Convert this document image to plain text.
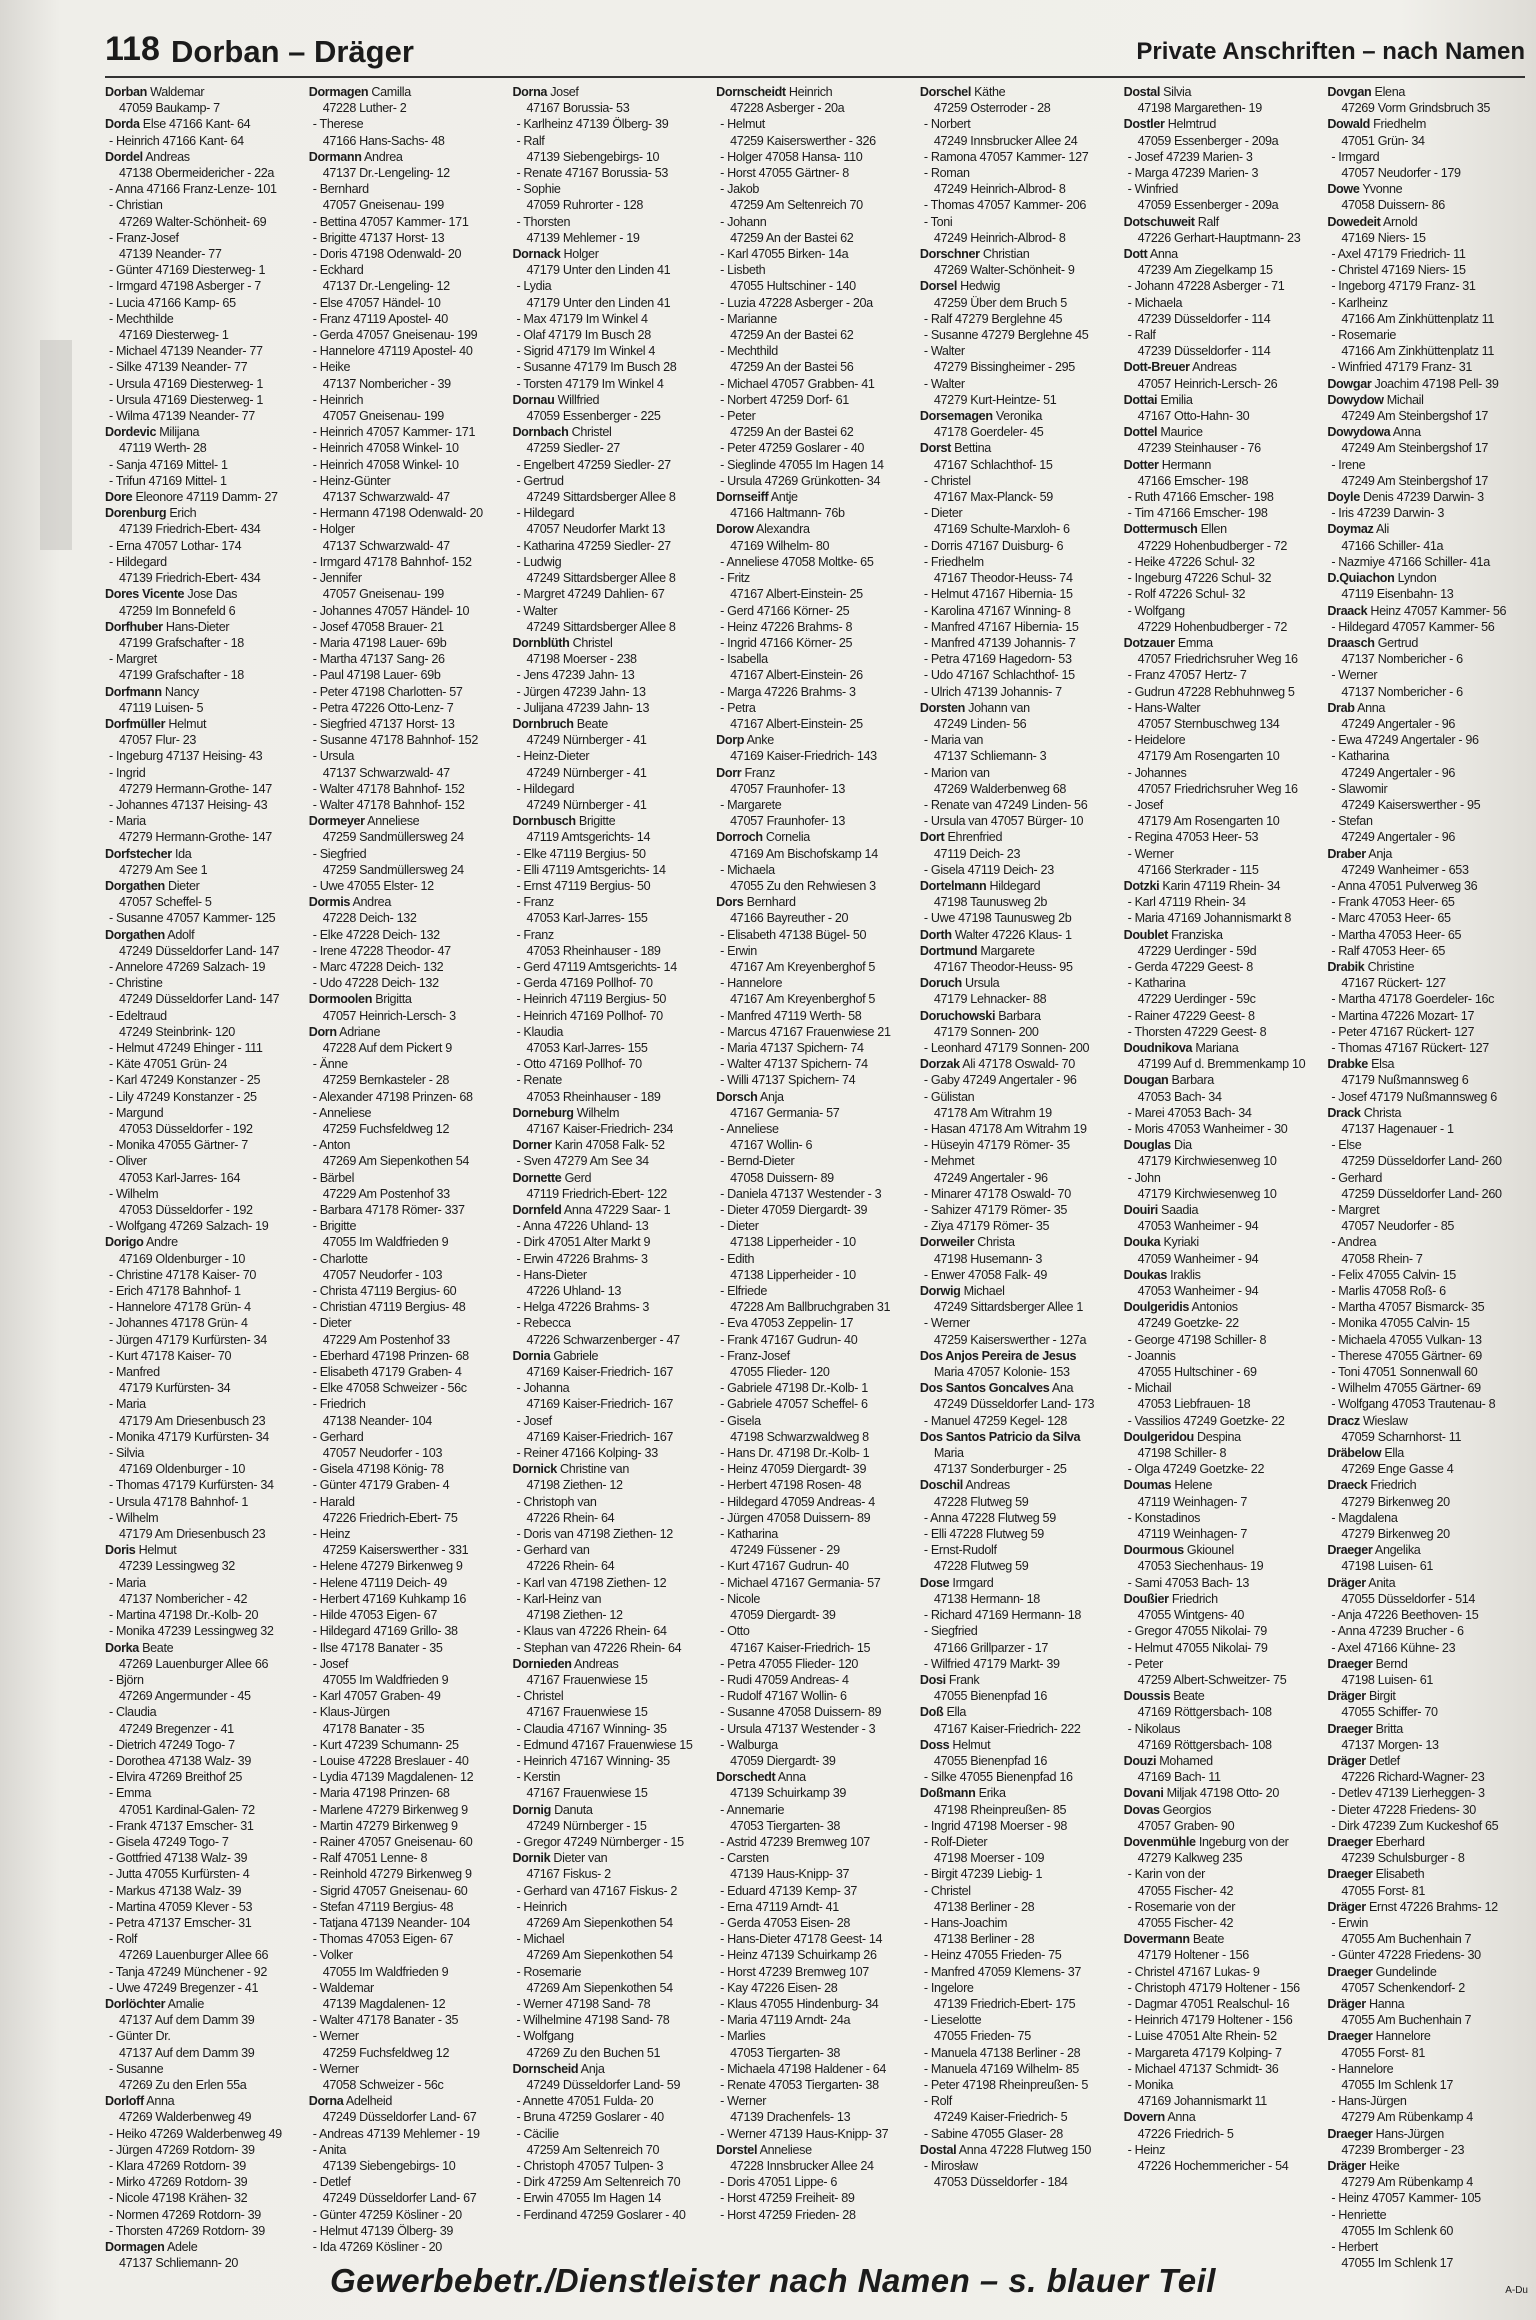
118 Dorban – Dräger	Private Anschriften – nach Namen
Dorban Waldemar
47059 Baukamp- 7
Dorda Else 47166 Kant- 64
- Heinrich 47166 Kant- 64
Dordel Andreas
47138 Obermeidericher - 22a
- Anna 47166 Franz-Lenze- 101
- Christian
47269 Walter-Schönheit- 69
- Franz-Josef
47139 Neander- 77
- Günter 47169 Diesterweg- 1
- Irmgard 47198 Asberger - 7
- Lucia 47166 Kamp- 65
- Mechthilde
47169 Diesterweg- 1
- Michael 47139 Neander- 77
- Silke 47139 Neander- 77
- Ursula 47169 Diesterweg- 1
- Ursula 47169 Diesterweg- 1
- Wilma 47139 Neander- 77
Dordevic Milijana
47119 Werth- 28
- Sanja 47169 Mittel- 1
- Trifun 47169 Mittel- 1
Dore Eleonore 47119 Damm- 27
Dorenburg Erich
47139 Friedrich-Ebert- 434
- Erna 47057 Lothar- 174
- Hildegard
47139 Friedrich-Ebert- 434
Dores Vicente Jose Das
47259 Im Bonnefeld 6
Dorfhuber Hans-Dieter
47199 Grafschafter - 18
- Margret
47199 Grafschafter - 18
Dorfmann Nancy
47119 Luisen- 5
Dorfmüller Helmut
47057 Flur- 23
- Ingeburg 47137 Heising- 43
- Ingrid
47279 Hermann-Grothe- 147
- Johannes 47137 Heising- 43
- Maria
47279 Hermann-Grothe- 147
Dorfstecher Ida
47279 Am See 1
Dorgathen Dieter
47057 Scheffel- 5
- Susanne 47057 Kammer- 125
Dorgathen Adolf
47249 Düsseldorfer Land- 147
- Annelore 47269 Salzach- 19
- Christine
47249 Düsseldorfer Land- 147
- Edeltraud
47249 Steinbrink- 120
- Helmut 47249 Ehinger - 111
- Käte 47051 Grün- 24
- Karl 47249 Konstanzer - 25
- Lily 47249 Konstanzer - 25
- Margund
47053 Düsseldorfer - 192
- Monika 47055 Gärtner- 7
- Oliver
47053 Karl-Jarres- 164
- Wilhelm
47053 Düsseldorfer - 192
- Wolfgang 47269 Salzach- 19
Dorigo Andre
47169 Oldenburger - 10
- Christine 47178 Kaiser- 70
- Erich 47178 Bahnhof- 1
- Hannelore 47178 Grün- 4
- Johannes 47178 Grün- 4
- Jürgen 47179 Kurfürsten- 34
- Kurt 47178 Kaiser- 70
- Manfred
47179 Kurfürsten- 34
- Maria
47179 Am Driesenbusch 23
- Monika 47179 Kurfürsten- 34
- Silvia
47169 Oldenburger - 10
- Thomas 47179 Kurfürsten- 34
- Ursula 47178 Bahnhof- 1
- Wilhelm
47179 Am Driesenbusch 23
Doris Helmut
47239 Lessingweg 32
- Maria
47137 Nombericher - 42
- Martina 47198 Dr.-Kolb- 20
- Monika 47239 Lessingweg 32
Dorka Beate
47269 Lauenburger Allee 66
- Björn
47269 Angermunder - 45
- Claudia
47249 Bregenzer - 41
- Dietrich 47249 Togo- 7
- Dorothea 47138 Walz- 39
- Elvira 47269 Breithof 25
- Emma
47051 Kardinal-Galen- 72
- Frank 47137 Emscher- 31
- Gisela 47249 Togo- 7
- Gottfried 47138 Walz- 39
- Jutta 47055 Kurfürsten- 4
- Markus 47138 Walz- 39
- Martina 47059 Klever - 53
- Petra 47137 Emscher- 31
- Rolf
47269 Lauenburger Allee 66
- Tanja 47249 Münchener - 92
- Uwe 47249 Bregenzer - 41
Dorlöchter Amalie
47137 Auf dem Damm 39
- Günter Dr.
47137 Auf dem Damm 39
- Susanne
47269 Zu den Erlen 55a
Dorloff Anna
47269 Walderbenweg 49
- Heiko 47269 Walderbenweg 49
- Jürgen 47269 Rotdorn- 39
- Klara 47269 Rotdorn- 39
- Mirko 47269 Rotdorn- 39
- Nicole 47198 Krähen- 32
- Normen 47269 Rotdorn- 39
- Thorsten 47269 Rotdorn- 39
Dormagen Adele
47137 Schliemann- 20
Dormagen Camilla
47228 Luther- 2
- Therese
47166 Hans-Sachs- 48
Dormann Andrea
47137 Dr.-Lengeling- 12
- Bernhard
47057 Gneisenau- 199
- Bettina 47057 Kammer- 171
- Brigitte 47137 Horst- 13
- Doris 47198 Odenwald- 20
- Eckhard
47137 Dr.-Lengeling- 12
- Else 47057 Händel- 10
- Franz 47119 Apostel- 40
- Gerda 47057 Gneisenau- 199
- Hannelore 47119 Apostel- 40
- Heike
47137 Nombericher - 39
- Heinrich
47057 Gneisenau- 199
- Heinrich 47057 Kammer- 171
- Heinrich 47058 Winkel- 10
- Heinrich 47058 Winkel- 10
- Heinz-Günter
47137 Schwarzwald- 47
- Hermann 47198 Odenwald- 20
- Holger
47137 Schwarzwald- 47
- Irmgard 47178 Bahnhof- 152
- Jennifer
47057 Gneisenau- 199
- Johannes 47057 Händel- 10
- Josef 47058 Brauer- 21
- Maria 47198 Lauer- 69b
- Martha 47137 Sang- 26
- Paul 47198 Lauer- 69b
- Peter 47198 Charlotten- 57
- Petra 47226 Otto-Lenz- 7
- Siegfried 47137 Horst- 13
- Susanne 47178 Bahnhof- 152
- Ursula
47137 Schwarzwald- 47
- Walter 47178 Bahnhof- 152
- Walter 47178 Bahnhof- 152
Dormeyer Anneliese
47259 Sandmüllersweg 24
- Siegfried
47259 Sandmüllersweg 24
- Uwe 47055 Elster- 12
Dormis Andrea
47228 Deich- 132
- Elke 47228 Deich- 132
- Irene 47228 Theodor- 47
- Marc 47228 Deich- 132
- Udo 47228 Deich- 132
Dormoolen Brigitta
47057 Heinrich-Lersch- 3
Dorn Adriane
47228 Auf dem Pickert 9
- Änne
47259 Bernkasteler - 28
- Alexander 47198 Prinzen- 68
- Anneliese
47259 Fuchsfeldweg 12
- Anton
47269 Am Siepenkothen 54
- Bärbel
47229 Am Postenhof 33
- Barbara 47178 Römer- 337
- Brigitte
47055 Im Waldfrieden 9
- Charlotte
47057 Neudorfer - 103
- Christa 47119 Bergius- 60
- Christian 47119 Bergius- 48
- Dieter
47229 Am Postenhof 33
- Eberhard 47198 Prinzen- 68
- Elisabeth 47179 Graben- 4
- Elke 47058 Schweizer - 56c
- Friedrich
47138 Neander- 104
- Gerhard
47057 Neudorfer - 103
- Gisela 47198 König- 78
- Günter 47179 Graben- 4
- Harald
47226 Friedrich-Ebert- 75
- Heinz
47259 Kaiserswerther - 331
- Helene 47279 Birkenweg 9
- Helene 47119 Deich- 49
- Herbert 47169 Kuhkamp 16
- Hilde 47053 Eigen- 67
- Hildegard 47169 Grillo- 38
- Ilse 47178 Banater - 35
- Josef
47055 Im Waldfrieden 9
- Karl 47057 Graben- 49
- Klaus-Jürgen
47178 Banater - 35
- Kurt 47239 Schumann- 25
- Louise 47228 Breslauer - 40
- Lydia 47139 Magdalenen- 12
- Maria 47198 Prinzen- 68
- Marlene 47279 Birkenweg 9
- Martin 47279 Birkenweg 9
- Rainer 47057 Gneisenau- 60
- Ralf 47051 Lenne- 8
- Reinhold 47279 Birkenweg 9
- Sigrid 47057 Gneisenau- 60
- Stefan 47119 Bergius- 48
- Tatjana 47139 Neander- 104
- Thomas 47053 Eigen- 67
- Volker
47055 Im Waldfrieden 9
- Waldemar
47139 Magdalenen- 12
- Walter 47178 Banater - 35
- Werner
47259 Fuchsfeldweg 12
- Werner
47058 Schweizer - 56c
Dorna Adelheid
47249 Düsseldorfer Land- 67
- Andreas 47139 Mehlemer - 19
- Anita
47139 Siebengebirgs- 10
- Detlef
47249 Düsseldorfer Land- 67
- Günter 47259 Kösliner - 20
- Helmut 47139 Ölberg- 39
- Ida 47269 Kösliner - 20
Dorna Josef
47167 Borussia- 53
- Karlheinz 47139 Ölberg- 39
- Ralf
47139 Siebengebirgs- 10
- Renate 47167 Borussia- 53
- Sophie
47059 Ruhrorter - 128
- Thorsten
47139 Mehlemer - 19
Dornack Holger
47179 Unter den Linden 41
- Lydia
47179 Unter den Linden 41
- Max 47179 Im Winkel 4
- Olaf 47179 Im Busch 28
- Sigrid 47179 Im Winkel 4
- Susanne 47179 Im Busch 28
- Torsten 47179 Im Winkel 4
Dornau Willfried
47059 Essenberger - 225
Dornbach Christel
47259 Siedler- 27
- Engelbert 47259 Siedler- 27
- Gertrud
47249 Sittardsberger Allee 8
- Hildegard
47057 Neudorfer Markt 13
- Katharina 47259 Siedler- 27
- Ludwig
47249 Sittardsberger Allee 8
- Margret 47249 Dahlien- 67
- Walter
47249 Sittardsberger Allee 8
Dornblüth Christel
47198 Moerser - 238
- Jens 47239 Jahn- 13
- Jürgen 47239 Jahn- 13
- Julijana 47239 Jahn- 13
Dornbruch Beate
47249 Nürnberger - 41
- Heinz-Dieter
47249 Nürnberger - 41
- Hildegard
47249 Nürnberger - 41
Dornbusch Brigitte
47119 Amtsgerichts- 14
- Elke 47119 Bergius- 50
- Elli 47119 Amtsgerichts- 14
- Ernst 47119 Bergius- 50
- Franz
47053 Karl-Jarres- 155
- Franz
47053 Rheinhauser - 189
- Gerd 47119 Amtsgerichts- 14
- Gerda 47169 Pollhof- 70
- Heinrich 47119 Bergius- 50
- Heinrich 47169 Pollhof- 70
- Klaudia
47053 Karl-Jarres- 155
- Otto 47169 Pollhof- 70
- Renate
47053 Rheinhauser - 189
Dorneburg Wilhelm
47167 Kaiser-Friedrich- 234
Dorner Karin 47058 Falk- 52
- Sven 47279 Am See 34
Dornette Gerd
47119 Friedrich-Ebert- 122
Dornfeld Anna 47229 Saar- 1
- Anna 47226 Uhland- 13
- Dirk 47051 Alter Markt 9
- Erwin 47226 Brahms- 3
- Hans-Dieter
47226 Uhland- 13
- Helga 47226 Brahms- 3
- Rebecca
47226 Schwarzenberger - 47
Dornia Gabriele
47169 Kaiser-Friedrich- 167
- Johanna
47169 Kaiser-Friedrich- 167
- Josef
47169 Kaiser-Friedrich- 167
- Reiner 47166 Kolping- 33
Dornick Christine van
47198 Ziethen- 12
- Christoph van
47226 Rhein- 64
- Doris van 47198 Ziethen- 12
- Gerhard van
47226 Rhein- 64
- Karl van 47198 Ziethen- 12
- Karl-Heinz van
47198 Ziethen- 12
- Klaus van 47226 Rhein- 64
- Stephan van 47226 Rhein- 64
Dornieden Andreas
47167 Frauenwiese 15
- Christel
47167 Frauenwiese 15
- Claudia 47167 Winning- 35
- Edmund 47167 Frauenwiese 15
- Heinrich 47167 Winning- 35
- Kerstin
47167 Frauenwiese 15
Dornig Danuta
47249 Nürnberger - 15
- Gregor 47249 Nürnberger - 15
Dornik Dieter van
47167 Fiskus- 2
- Gerhard van 47167 Fiskus- 2
- Heinrich
47269 Am Siepenkothen 54
- Michael
47269 Am Siepenkothen 54
- Rosemarie
47269 Am Siepenkothen 54
- Werner 47198 Sand- 78
- Wilhelmine 47198 Sand- 78
- Wolfgang
47269 Zu den Buchen 51
Dornscheid Anja
47249 Düsseldorfer Land- 59
- Annette 47051 Fulda- 20
- Bruna 47259 Goslarer - 40
- Cäcilie
47259 Am Seltenreich 70
- Christoph 47057 Tulpen- 3
- Dirk 47259 Am Seltenreich 70
- Erwin 47055 Im Hagen 14
- Ferdinand 47259 Goslarer - 40
Dornscheidt Heinrich
47228 Asberger - 20a
- Helmut
47259 Kaiserswerther - 326
- Holger 47058 Hansa- 110
- Horst 47055 Gärtner- 8
- Jakob
47259 Am Seltenreich 70
- Johann
47259 An der Bastei 62
- Karl 47055 Birken- 14a
- Lisbeth
47055 Hultschiner - 140
- Luzia 47228 Asberger - 20a
- Marianne
47259 An der Bastei 62
- Mechthild
47259 An der Bastei 56
- Michael 47057 Grabben- 41
- Norbert 47259 Dorf- 61
- Peter
47259 An der Bastei 62
- Peter 47259 Goslarer - 40
- Sieglinde 47055 Im Hagen 14
- Ursula 47269 Grünkotten- 34
Dornseiff Antje
47166 Haltmann- 76b
Dorow Alexandra
47169 Wilhelm- 80
- Anneliese 47058 Moltke- 65
- Fritz
47167 Albert-Einstein- 25
- Gerd 47166 Körner- 25
- Heinz 47226 Brahms- 8
- Ingrid 47166 Körner- 25
- Isabella
47167 Albert-Einstein- 26
- Marga 47226 Brahms- 3
- Petra
47167 Albert-Einstein- 25
Dorp Anke
47169 Kaiser-Friedrich- 143
Dorr Franz
47057 Fraunhofer- 13
- Margarete
47057 Fraunhofer- 13
Dorroch Cornelia
47169 Am Bischofskamp 14
- Michaela
47055 Zu den Rehwiesen 3
Dors Bernhard
47166 Bayreuther - 20
- Elisabeth 47138 Bügel- 50
- Erwin
47167 Am Kreyenberghof 5
- Hannelore
47167 Am Kreyenberghof 5
- Manfred 47119 Werth- 58
- Marcus 47167 Frauenwiese 21
- Maria 47137 Spichern- 74
- Walter 47137 Spichern- 74
- Willi 47137 Spichern- 74
Dorsch Anja
47167 Germania- 57
- Anneliese
47167 Wollin- 6
- Bernd-Dieter
47058 Duissern- 89
- Daniela 47137 Westender - 3
- Dieter 47059 Diergardt- 39
- Dieter
47138 Lipperheider - 10
- Edith
47138 Lipperheider - 10
- Elfriede
47228 Am Ballbruchgraben 31
- Eva 47053 Zeppelin- 17
- Frank 47167 Gudrun- 40
- Franz-Josef
47055 Flieder- 120
- Gabriele 47198 Dr.-Kolb- 1
- Gabriele 47057 Scheffel- 6
- Gisela
47198 Schwarzwaldweg 8
- Hans Dr. 47198 Dr.-Kolb- 1
- Heinz 47059 Diergardt- 39
- Herbert 47198 Rosen- 48
- Hildegard 47059 Andreas- 4
- Jürgen 47058 Duissern- 89
- Katharina
47249 Füssener - 29
- Kurt 47167 Gudrun- 40
- Michael 47167 Germania- 57
- Nicole
47059 Diergardt- 39
- Otto
47167 Kaiser-Friedrich- 15
- Petra 47055 Flieder- 120
- Rudi 47059 Andreas- 4
- Rudolf 47167 Wollin- 6
- Susanne 47058 Duissern- 89
- Ursula 47137 Westender - 3
- Walburga
47059 Diergardt- 39
Dorschedt Anna
47139 Schuirkamp 39
- Annemarie
47053 Tiergarten- 38
- Astrid 47239 Bremweg 107
- Carsten
47139 Haus-Knipp- 37
- Eduard 47139 Kemp- 37
- Erna 47119 Arndt- 41
- Gerda 47053 Eisen- 28
- Hans-Dieter 47178 Geest- 14
- Heinz 47139 Schuirkamp 26
- Horst 47239 Bremweg 107
- Kay 47226 Eisen- 28
- Klaus 47055 Hindenburg- 34
- Maria 47119 Arndt- 24a
- Marlies
47053 Tiergarten- 38
- Michaela 47198 Haldener - 64
- Renate 47053 Tiergarten- 38
- Werner
47139 Drachenfels- 13
- Werner 47139 Haus-Knipp- 37
Dorstel Anneliese
47228 Innsbrucker Allee 24
- Doris 47051 Lippe- 6
- Horst 47259 Freiheit- 89
- Horst 47259 Frieden- 28
Dorschel Käthe
47259 Osterroder - 28
- Norbert
47249 Innsbrucker Allee 24
- Ramona 47057 Kammer- 127
- Roman
47249 Heinrich-Albrod- 8
- Thomas 47057 Kammer- 206
- Toni
47249 Heinrich-Albrod- 8
Dorschner Christian
47269 Walter-Schönheit- 9
Dorsel Hedwig
47259 Über dem Bruch 5
- Ralf 47279 Berglehne 45
- Susanne 47279 Berglehne 45
- Walter
47279 Bissingheimer - 295
- Walter
47279 Kurt-Heintze- 51
Dorsemagen Veronika
47178 Goerdeler- 45
Dorst Bettina
47167 Schlachthof- 15
- Christel
47167 Max-Planck- 59
- Dieter
47169 Schulte-Marxloh- 6
- Dorris 47167 Duisburg- 6
- Friedhelm
47167 Theodor-Heuss- 74
- Helmut 47167 Hibernia- 15
- Karolina 47167 Winning- 8
- Manfred 47167 Hibernia- 15
- Manfred 47139 Johannis- 7
- Petra 47169 Hagedorn- 53
- Udo 47167 Schlachthof- 15
- Ulrich 47139 Johannis- 7
Dorsten Johann van
47249 Linden- 56
- Maria van
47137 Schliemann- 3
- Marion van
47269 Walderbenweg 68
- Renate van 47249 Linden- 56
- Ursula van 47057 Bürger- 10
Dort Ehrenfried
47119 Deich- 23
- Gisela 47119 Deich- 23
Dortelmann Hildegard
47198 Taunusweg 2b
- Uwe 47198 Taunusweg 2b
Dorth Walter 47226 Klaus- 1
Dortmund Margarete
47167 Theodor-Heuss- 95
Doruch Ursula
47179 Lehnacker- 88
Doruchowski Barbara
47179 Sonnen- 200
- Leonhard 47179 Sonnen- 200
Dorzak Ali 47178 Oswald- 70
- Gaby 47249 Angertaler - 96
- Gülistan
47178 Am Witrahm 19
- Hasan 47178 Am Witrahm 19
- Hüseyin 47179 Römer- 35
- Mehmet
47249 Angertaler - 96
- Minarer 47178 Oswald- 70
- Sahizer 47179 Römer- 35
- Ziya 47179 Römer- 35
Dorweiler Christa
47198 Husemann- 3
- Enwer 47058 Falk- 49
Dorwig Michael
47249 Sittardsberger Allee 1
- Werner
47259 Kaiserswerther - 127a
Dos Anjos Pereira de Jesus
Maria 47057 Kolonie- 153
Dos Santos Goncalves Ana
47249 Düsseldorfer Land- 173
- Manuel 47259 Kegel- 128
Dos Santos Patricio da Silva
Maria
47137 Sonderburger - 25
Doschil Andreas
47228 Flutweg 59
- Anna 47228 Flutweg 59
- Elli 47228 Flutweg 59
- Ernst-Rudolf
47228 Flutweg 59
Dose Irmgard
47138 Hermann- 18
- Richard 47169 Hermann- 18
- Siegfried
47166 Grillparzer - 17
- Wilfried 47179 Markt- 39
Dosi Frank
47055 Bienenpfad 16
Doß Ella
47167 Kaiser-Friedrich- 222
Doss Helmut
47055 Bienenpfad 16
- Silke 47055 Bienenpfad 16
Doßmann Erika
47198 Rheinpreußen- 85
- Ingrid 47198 Moerser - 98
- Rolf-Dieter
47198 Moerser - 109
- Birgit 47239 Liebig- 1
- Christel
47138 Berliner - 28
- Hans-Joachim
47138 Berliner - 28
- Heinz 47055 Frieden- 75
- Manfred 47059 Klemens- 37
- Ingelore
47139 Friedrich-Ebert- 175
- Lieselotte
47055 Frieden- 75
- Manuela 47138 Berliner - 28
- Manuela 47169 Wilhelm- 85
- Peter 47198 Rheinpreußen- 5
- Rolf
47249 Kaiser-Friedrich- 5
- Sabine 47055 Glaser- 28
Dostal Anna 47228 Flutweg 150
- Mirosław
47053 Düsseldorfer - 184
Dostal Silvia
47198 Margarethen- 19
Dostler Helmtrud
47059 Essenberger - 209a
- Josef 47239 Marien- 3
- Marga 47239 Marien- 3
- Winfried
47059 Essenberger - 209a
Dotschuweit Ralf
47226 Gerhart-Hauptmann- 23
Dott Anna
47239 Am Ziegelkamp 15
- Johann 47228 Asberger - 71
- Michaela
47239 Düsseldorfer - 114
- Ralf
47239 Düsseldorfer - 114
Dott-Breuer Andreas
47057 Heinrich-Lersch- 26
Dottai Emilia
47167 Otto-Hahn- 30
Dottel Maurice
47239 Steinhauser - 76
Dotter Hermann
47166 Emscher- 198
- Ruth 47166 Emscher- 198
- Tim 47166 Emscher- 198
Dottermusch Ellen
47229 Hohenbudberger - 72
- Heike 47226 Schul- 32
- Ingeburg 47226 Schul- 32
- Rolf 47226 Schul- 32
- Wolfgang
47229 Hohenbudberger - 72
Dotzauer Emma
47057 Friedrichsruher Weg 16
- Franz 47057 Hertz- 7
- Gudrun 47228 Rebhuhnweg 5
- Hans-Walter
47057 Sternbuschweg 134
- Heidelore
47179 Am Rosengarten 10
- Johannes
47057 Friedrichsruher Weg 16
- Josef
47179 Am Rosengarten 10
- Regina 47053 Heer- 53
- Werner
47166 Sterkrader - 115
Dotzki Karin 47119 Rhein- 34
- Karl 47119 Rhein- 34
- Maria 47169 Johannismarkt 8
Doublet Franziska
47229 Uerdinger - 59d
- Gerda 47229 Geest- 8
- Katharina
47229 Uerdinger - 59c
- Rainer 47229 Geest- 8
- Thorsten 47229 Geest- 8
Doudnikova Mariana
47199 Auf d. Bremmenkamp 10
Dougan Barbara
47053 Bach- 34
- Marei 47053 Bach- 34
- Moris 47053 Wanheimer - 30
Douglas Dia
47179 Kirchwiesenweg 10
- John
47179 Kirchwiesenweg 10
Douiri Saadia
47053 Wanheimer - 94
Douka Kyriaki
47059 Wanheimer - 94
Doukas Iraklis
47053 Wanheimer - 94
Doulgeridis Antonios
47249 Goetzke- 22
- George 47198 Schiller- 8
- Joannis
47055 Hultschiner - 69
- Michail
47053 Liebfrauen- 18
- Vassilios 47249 Goetzke- 22
Doulgeridou Despina
47198 Schiller- 8
- Olga 47249 Goetzke- 22
Doumas Helene
47119 Weinhagen- 7
- Konstadinos
47119 Weinhagen- 7
Dourmous Gkiounel
47053 Siechenhaus- 19
- Sami 47053 Bach- 13
Doußier Friedrich
47055 Wintgens- 40
- Gregor 47055 Nikolai- 79
- Helmut 47055 Nikolai- 79
- Peter
47259 Albert-Schweitzer- 75
Doussis Beate
47169 Röttgersbach- 108
- Nikolaus
47169 Röttgersbach- 108
Douzi Mohamed
47169 Bach- 11
Dovani Miljak 47198 Otto- 20
Dovas Georgios
47057 Graben- 90
Dovenmühle Ingeburg von der
47279 Kalkweg 235
- Karin von der
47055 Fischer- 42
- Rosemarie von der
47055 Fischer- 42
Dovermann Beate
47179 Holtener - 156
- Christel 47167 Lukas- 9
- Christoph 47179 Holtener - 156
- Dagmar 47051 Realschul- 16
- Heinrich 47179 Holtener - 156
- Luise 47051 Alte Rhein- 52
- Margareta 47179 Kolping- 7
- Michael 47137 Schmidt- 36
- Monika
47169 Johannismarkt 11
Dovern Anna
47226 Friedrich- 5
- Heinz
47226 Hochemmericher - 54
Dovgan Elena
47269 Vorm Grindsbruch 35
Dowald Friedhelm
47051 Grün- 34
- Irmgard
47057 Neudorfer - 179
Dowe Yvonne
47058 Duissern- 86
Dowedeit Arnold
47169 Niers- 15
- Axel 47179 Friedrich- 11
- Christel 47169 Niers- 15
- Ingeborg 47179 Franz- 31
- Karlheinz
47166 Am Zinkhüttenplatz 11
- Rosemarie
47166 Am Zinkhüttenplatz 11
- Winfried 47179 Franz- 31
Dowgar Joachim 47198 Pell- 39
Dowydow Michail
47249 Am Steinbergshof 17
Dowydowa Anna
47249 Am Steinbergshof 17
- Irene
47249 Am Steinbergshof 17
Doyle Denis 47239 Darwin- 3
- Iris 47239 Darwin- 3
Doymaz Ali
47166 Schiller- 41a
- Nazmiye 47166 Schiller- 41a
D.Quiachon Lyndon
47119 Eisenbahn- 13
Draack Heinz 47057 Kammer- 56
- Hildegard 47057 Kammer- 56
Draasch Gertrud
47137 Nombericher - 6
- Werner
47137 Nombericher - 6
Drab Anna
47249 Angertaler - 96
- Ewa 47249 Angertaler - 96
- Katharina
47249 Angertaler - 96
- Slawomir
47249 Kaiserswerther - 95
- Stefan
47249 Angertaler - 96
Draber Anja
47249 Wanheimer - 653
- Anna 47051 Pulverweg 36
- Frank 47053 Heer- 65
- Marc 47053 Heer- 65
- Martha 47053 Heer- 65
- Ralf 47053 Heer- 65
Drabik Christine
47167 Rückert- 127
- Martha 47178 Goerdeler- 16c
- Martina 47226 Mozart- 17
- Peter 47167 Rückert- 127
- Thomas 47167 Rückert- 127
Drabke Elsa
47179 Nußmannsweg 6
- Josef 47179 Nußmannsweg 6
Drack Christa
47137 Hagenauer - 1
- Else
47259 Düsseldorfer Land- 260
- Gerhard
47259 Düsseldorfer Land- 260
- Margret
47057 Neudorfer - 85
- Andrea
47058 Rhein- 7
- Felix 47055 Calvin- 15
- Marlis 47058 Roß- 6
- Martha 47057 Bismarck- 35
- Monika 47055 Calvin- 15
- Michaela 47055 Vulkan- 13
- Therese 47055 Gärtner- 69
- Toni 47051 Sonnenwall 60
- Wilhelm 47055 Gärtner- 69
- Wolfgang 47053 Trautenau- 8
Dracz Wieslaw
47059 Scharnhorst- 11
Dräbelow Ella
47269 Enge Gasse 4
Draeck Friedrich
47279 Birkenweg 20
- Magdalena
47279 Birkenweg 20
Draeger Angelika
47198 Luisen- 61
Dräger Anita
47055 Düsseldorfer - 514
- Anja 47226 Beethoven- 15
- Anna 47239 Brucher - 6
- Axel 47166 Kühne- 23
Draeger Bernd
47198 Luisen- 61
Dräger Birgit
47055 Schiffer- 70
Draeger Britta
47137 Morgen- 13
Dräger Detlef
47226 Richard-Wagner- 23
- Detlev 47139 Lierheggen- 3
- Dieter 47228 Friedens- 30
- Dirk 47239 Zum Kuckeshof 65
Draeger Eberhard
47239 Schulsburger - 8
Draeger Elisabeth
47055 Forst- 81
Dräger Ernst 47226 Brahms- 12
- Erwin
47055 Am Buchenhain 7
- Günter 47228 Friedens- 30
Draeger Gundelinde
47057 Schenkendorf- 2
Dräger Hanna
47055 Am Buchenhain 7
Draeger Hannelore
47055 Forst- 81
- Hannelore
47055 Im Schlenk 17
- Hans-Jürgen
47279 Am Rübenkamp 4
Draeger Hans-Jürgen
47239 Bromberger - 23
Dräger Heike
47279 Am Rübenkamp 4
- Heinz 47057 Kammer- 105
- Henriette
47055 Im Schlenk 60
- Herbert
47055 Im Schlenk 17
Gewerbebetr./Dienstleister nach Namen – s. blauer Teil	A-Du
